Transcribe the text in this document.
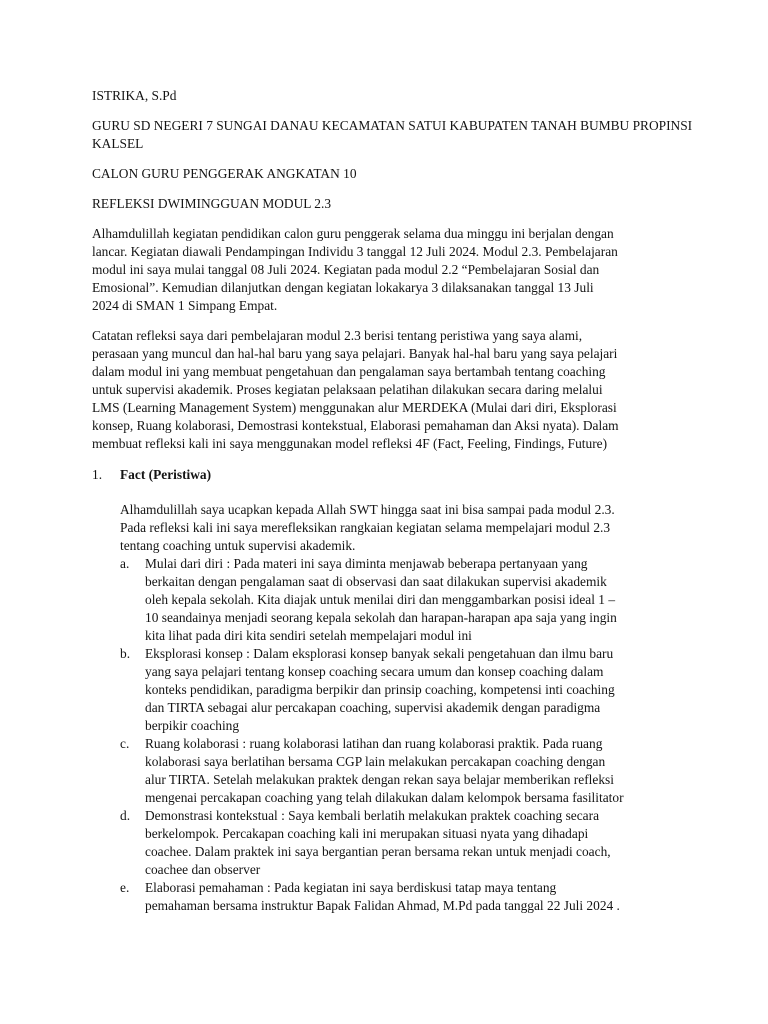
ISTRIKA, S.Pd
GURU SD NEGERI 7 SUNGAI DANAU KECAMATAN SATUI KABUPATEN TANAH BUMBU PROPINSI
KALSEL
CALON GURU PENGGERAK ANGKATAN 10
REFLEKSI DWIMINGGUAN MODUL 2.3
Alhamdulillah kegiatan pendidikan calon guru penggerak selama dua minggu ini berjalan dengan
lancar. Kegiatan diawali Pendampingan Individu 3 tanggal 12 Juli 2024. Modul 2.3. Pembelajaran
modul ini saya mulai tanggal 08 Juli 2024. Kegiatan pada modul 2.2 “Pembelajaran Sosial dan
Emosional”. Kemudian dilanjutkan dengan kegiatan lokakarya 3 dilaksanakan tanggal 13 Juli
2024 di SMAN 1 Simpang Empat.
Catatan refleksi saya dari pembelajaran modul 2.3 berisi tentang peristiwa yang saya alami,
perasaan yang muncul dan hal-hal baru yang saya pelajari. Banyak hal-hal baru yang saya pelajari
dalam modul ini yang membuat pengetahuan dan pengalaman saya bertambah tentang coaching
untuk supervisi akademik. Proses kegiatan pelaksaan pelatihan dilakukan secara daring melalui
LMS (Learning Management System) menggunakan alur MERDEKA (Mulai dari diri, Eksplorasi
konsep, Ruang kolaborasi, Demostrasi kontekstual, Elaborasi pemahaman dan Aksi nyata). Dalam
membuat refleksi kali ini saya menggunakan model refleksi 4F (Fact, Feeling, Findings, Future)
1. Fact (Peristiwa)
Alhamdulillah saya ucapkan kepada Allah SWT hingga saat ini bisa sampai pada modul 2.3.
Pada refleksi kali ini saya merefleksikan rangkaian kegiatan selama mempelajari modul 2.3
tentang coaching untuk supervisi akademik.
a. Mulai dari diri : Pada materi ini saya diminta menjawab beberapa pertanyaan yang
berkaitan dengan pengalaman saat di observasi dan saat dilakukan supervisi akademik
oleh kepala sekolah. Kita diajak untuk menilai diri dan menggambarkan posisi ideal 1 –
10 seandainya menjadi seorang kepala sekolah dan harapan-harapan apa saja yang ingin
kita lihat pada diri kita sendiri setelah mempelajari modul ini
b. Eksplorasi konsep : Dalam eksplorasi konsep banyak sekali pengetahuan dan ilmu baru
yang saya pelajari tentang konsep coaching secara umum dan konsep coaching dalam
konteks pendidikan, paradigma berpikir dan prinsip coaching, kompetensi inti coaching
dan TIRTA sebagai alur percakapan coaching, supervisi akademik dengan paradigma
berpikir coaching
c. Ruang kolaborasi : ruang kolaborasi latihan dan ruang kolaborasi praktik. Pada ruang
kolaborasi saya berlatihan bersama CGP lain melakukan percakapan coaching dengan
alur TIRTA. Setelah melakukan praktek dengan rekan saya belajar memberikan refleksi
mengenai percakapan coaching yang telah dilakukan dalam kelompok bersama fasilitator
d. Demonstrasi kontekstual : Saya kembali berlatih melakukan praktek coaching secara
berkelompok. Percakapan coaching kali ini merupakan situasi nyata yang dihadapi
coachee. Dalam praktek ini saya bergantian peran bersama rekan untuk menjadi coach,
coachee dan observer
e. Elaborasi pemahaman : Pada kegiatan ini saya berdiskusi tatap maya tentang
pemahaman bersama instruktur Bapak Falidan Ahmad, M.Pd pada tanggal 22 Juli 2024 .
